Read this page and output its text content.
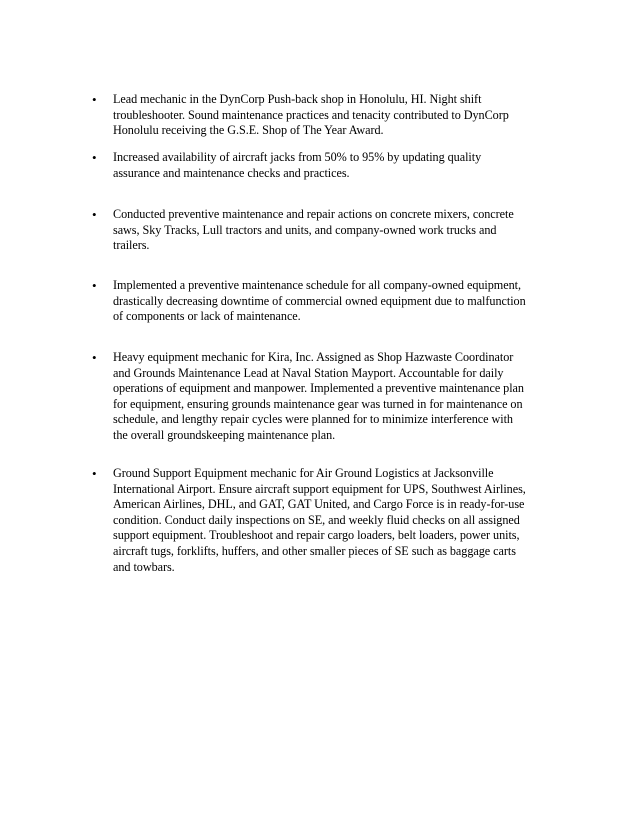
• Lead mechanic in the DynCorp Push-back shop in Honolulu, HI. Night shift
troubleshooter. Sound maintenance practices and tenacity contributed to DynCorp
Honolulu receiving the G.S.E. Shop of The Year Award.
• Increased availability of aircraft jacks from 50% to 95% by updating quality
assurance and maintenance checks and practices.
• Conducted preventive maintenance and repair actions on concrete mixers, concrete
saws, Sky Tracks, Lull tractors and units, and company-owned work trucks and
trailers.
• Implemented a preventive maintenance schedule for all company-owned equipment,
drastically decreasing downtime of commercial owned equipment due to malfunction
of components or lack of maintenance.
• Heavy equipment mechanic for Kira, Inc. Assigned as Shop Hazwaste Coordinator
and Grounds Maintenance Lead at Naval Station Mayport. Accountable for daily
operations of equipment and manpower. Implemented a preventive maintenance plan
for equipment, ensuring grounds maintenance gear was turned in for maintenance on
schedule, and lengthy repair cycles were planned for to minimize interference with
the overall groundskeeping maintenance plan.
• Ground Support Equipment mechanic for Air Ground Logistics at Jacksonville
International Airport. Ensure aircraft support equipment for UPS, Southwest Airlines,
American Airlines, DHL, and GAT, GAT United, and Cargo Force is in ready-for-use
condition. Conduct daily inspections on SE, and weekly fluid checks on all assigned
support equipment. Troubleshoot and repair cargo loaders, belt loaders, power units,
aircraft tugs, forklifts, huffers, and other smaller pieces of SE such as baggage carts
and towbars.
